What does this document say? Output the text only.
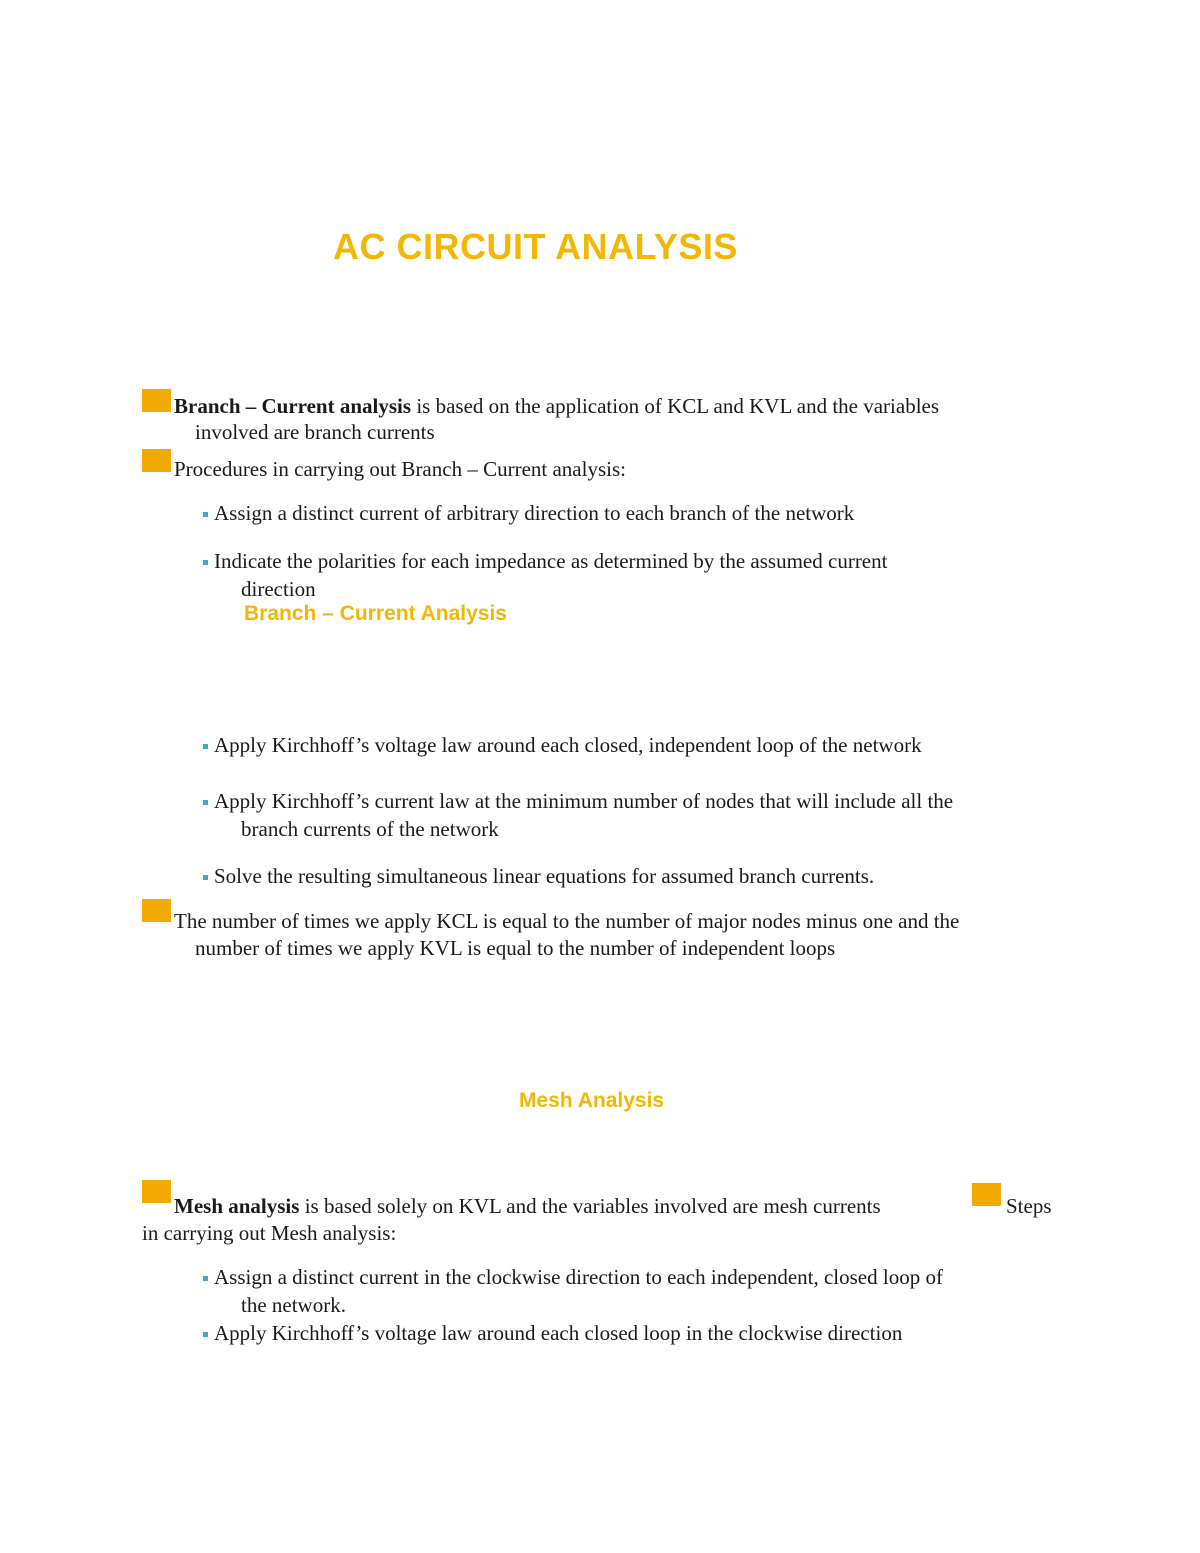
AC CIRCUIT ANALYSIS
Branch – Current analysis is based on the application of KCL and KVL and the variables
involved are branch currents
Procedures in carrying out Branch – Current analysis:
Assign a distinct current of arbitrary direction to each branch of the network
Indicate the polarities for each impedance as determined by the assumed current
direction
Branch – Current Analysis
Apply Kirchhoff’s voltage law around each closed, independent loop of the network
Apply Kirchhoff’s current law at the minimum number of nodes that will include all the
branch currents of the network
Solve the resulting simultaneous linear equations for assumed branch currents.
The number of times we apply KCL is equal to the number of major nodes minus one and the
number of times we apply KVL is equal to the number of independent loops
Mesh Analysis
Mesh analysis is based solely on KVL and the variables involved are mesh currents	Steps
in carrying out Mesh analysis:
Assign a distinct current in the clockwise direction to each independent, closed loop of
the network.
Apply Kirchhoff’s voltage law around each closed loop in the clockwise direction
